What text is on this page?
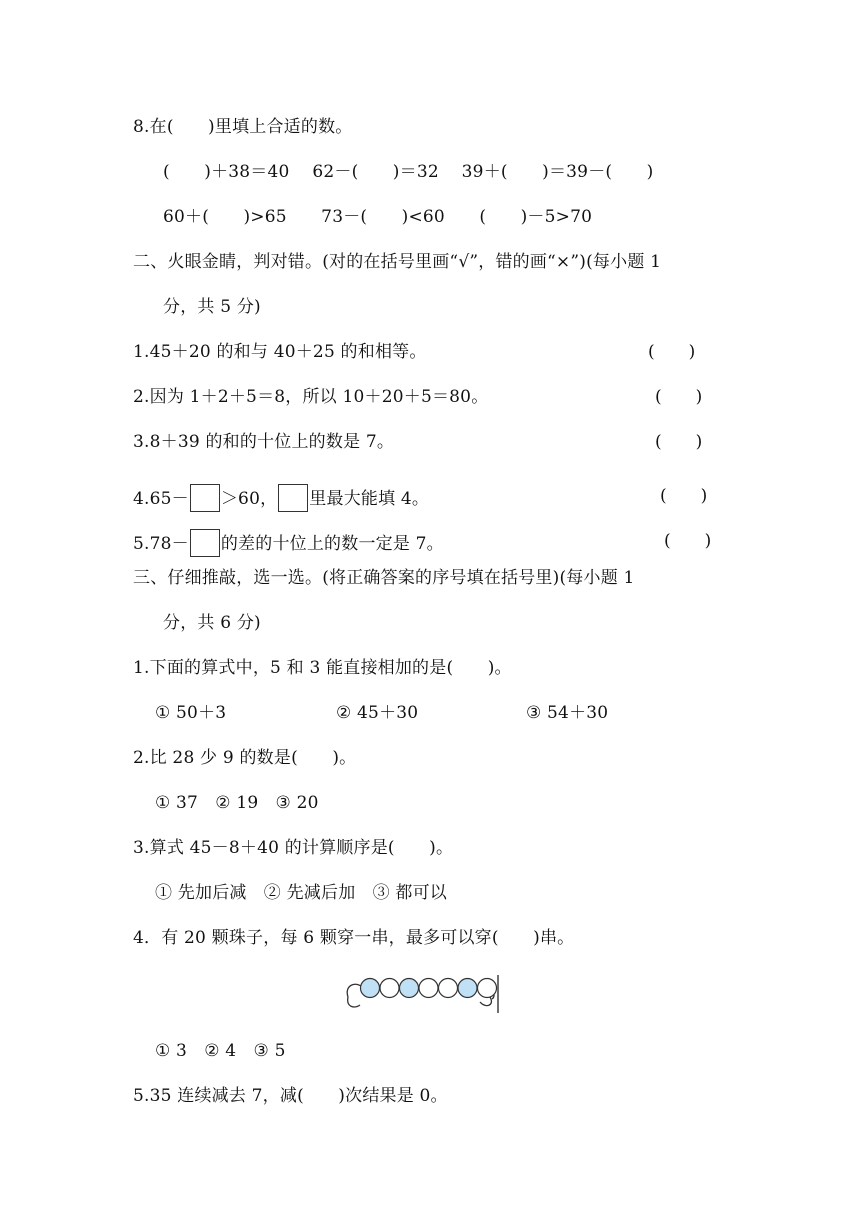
8.在(　　)里填上合适的数。
(　　)＋38＝40　 62－(　　)＝32　 39＋(　　)＝39－(　　)
60＋(　　)>65　　73－(　　)<60　　(　　)－5>70
二、火眼金睛，判对错。(对的在括号里画“√”，错的画“×”)(每小题 1
分，共 5 分)
1.45＋20 的和与 40＋25 的和相等。	(　　)
2.因为 1＋2＋5＝8，所以 10＋20＋5＝80。	(　　)
3.8＋39 的和的十位上的数是 7。	(　　)
4.65－ ＞60， 里最大能填 4。	(　　)
5.78－ 的差的十位上的数一定是 7。	(　　)
三、仔细推敲，选一选。(将正确答案的序号填在括号里)(每小题 1
分，共 6 分)
1.下面的算式中，5 和 3 能直接相加的是(　　)。
① 50＋3	② 45＋30	③ 54＋30
2.比 28 少 9 的数是(　　)。
① 37　② 19　③ 20
3.算式 45－8＋40 的计算顺序是(　　)。
① 先加后减　② 先减后加　③ 都可以
4．有 20 颗珠子，每 6 颗穿一串，最多可以穿(　　)串。
① 3　② 4　③ 5
5.35 连续减去 7，减(　　)次结果是 0。
